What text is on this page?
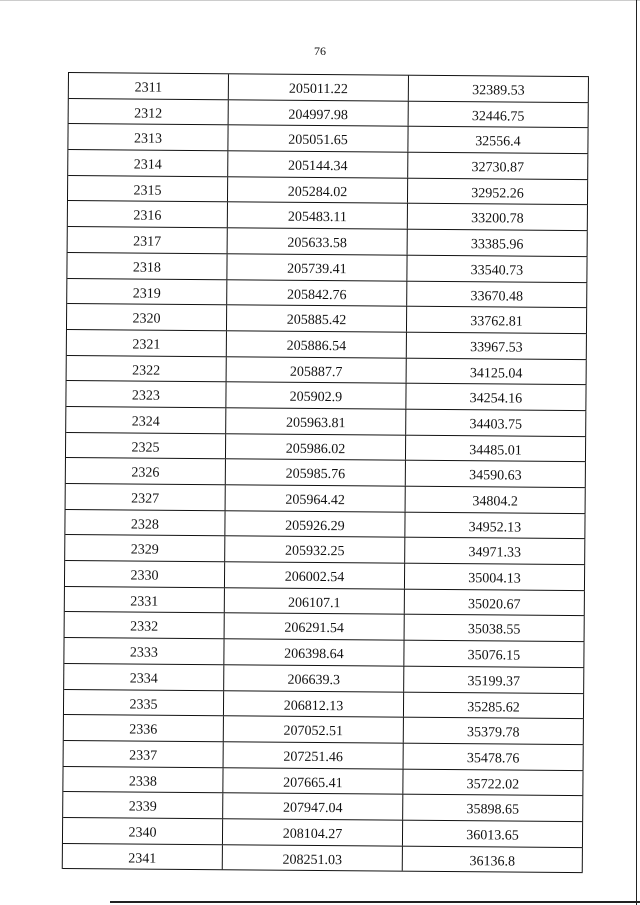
76
2311	205011.22	32389.53
2312	204997.98	32446.75
2313	205051.65	32556.4
2314	205144.34	32730.87
2315	205284.02	32952.26
2316	205483.11	33200.78
2317	205633.58	33385.96
2318	205739.41	33540.73
2319	205842.76	33670.48
2320	205885.42	33762.81
2321	205886.54	33967.53
2322	205887.7	34125.04
2323	205902.9	34254.16
2324	205963.81	34403.75
2325	205986.02	34485.01
2326	205985.76	34590.63
2327	205964.42	34804.2
2328	205926.29	34952.13
2329	205932.25	34971.33
2330	206002.54	35004.13
2331	206107.1	35020.67
2332	206291.54	35038.55
2333	206398.64	35076.15
2334	206639.3	35199.37
2335	206812.13	35285.62
2336	207052.51	35379.78
2337	207251.46	35478.76
2338	207665.41	35722.02
2339	207947.04	35898.65
2340	208104.27	36013.65
2341	208251.03	36136.8
